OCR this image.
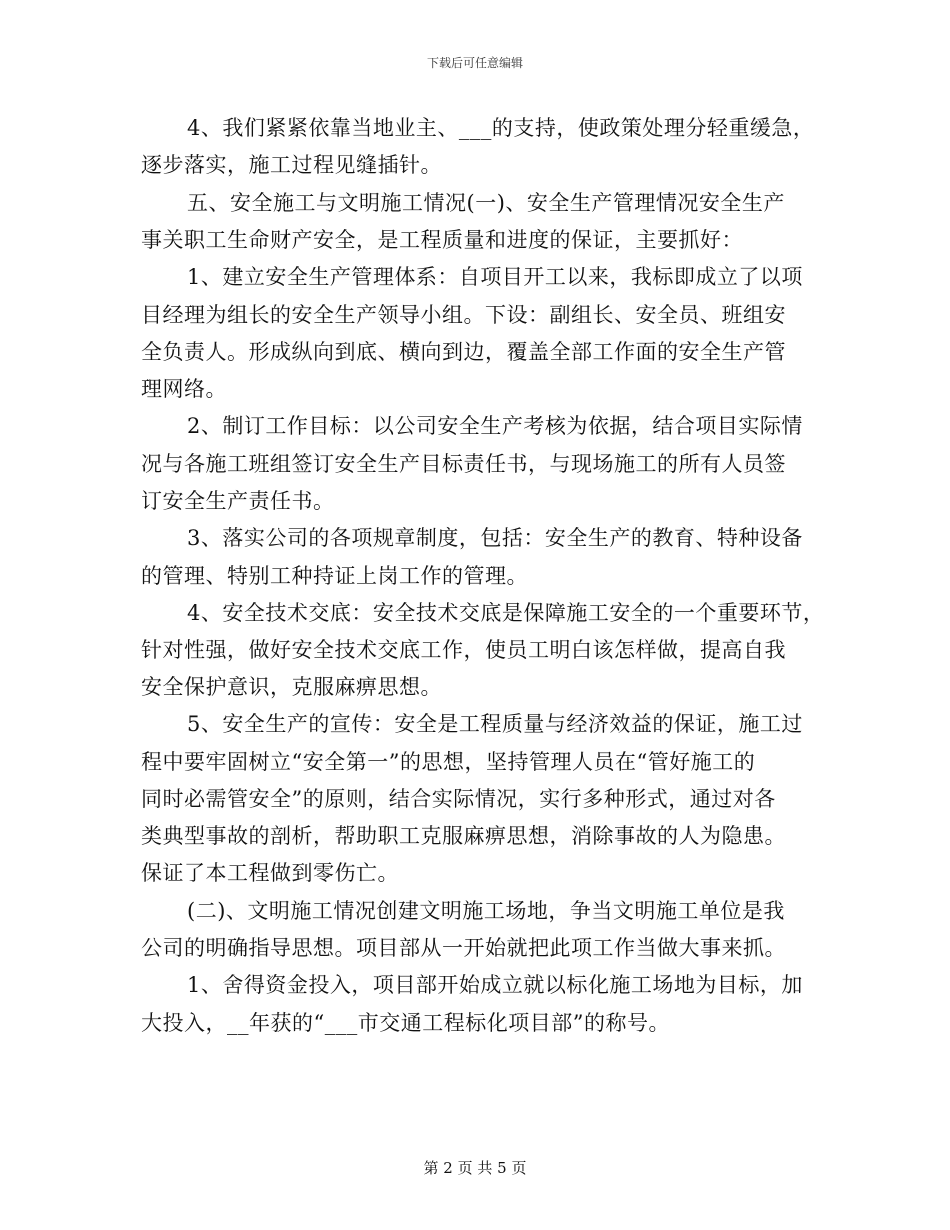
下载后可任意编辑
4、我们紧紧依靠当地业主、___的支持，使政策处理分轻重缓急，
逐步落实，施工过程见缝插针。
五、安全施工与文明施工情况(一)、安全生产管理情况安全生产
事关职工生命财产安全，是工程质量和进度的保证，主要抓好：
1、建立安全生产管理体系：自项目开工以来，我标即成立了以项
目经理为组长的安全生产领导小组。下设：副组长、安全员、班组安
全负责人。形成纵向到底、横向到边，覆盖全部工作面的安全生产管
理网络。
2、制订工作目标：以公司安全生产考核为依据，结合项目实际情
况与各施工班组签订安全生产目标责任书，与现场施工的所有人员签
订安全生产责任书。
3、落实公司的各项规章制度，包括：安全生产的教育、特种设备
的管理、特别工种持证上岗工作的管理。
4、安全技术交底：安全技术交底是保障施工安全的一个重要环节，
针对性强，做好安全技术交底工作，使员工明白该怎样做，提高自我
安全保护意识，克服麻痹思想。
5、安全生产的宣传：安全是工程质量与经济效益的保证，施工过
程中要牢固树立“安全第一”的思想，坚持管理人员在“管好施工的
同时必需管安全”的原则，结合实际情况，实行多种形式，通过对各
类典型事故的剖析，帮助职工克服麻痹思想，消除事故的人为隐患。
保证了本工程做到零伤亡。
(二)、文明施工情况创建文明施工场地，争当文明施工单位是我
公司的明确指导思想。项目部从一开始就把此项工作当做大事来抓。
1、舍得资金投入，项目部开始成立就以标化施工场地为目标，加
大投入，__年获的“___市交通工程标化项目部”的称号。
第 2 页 共 5 页
